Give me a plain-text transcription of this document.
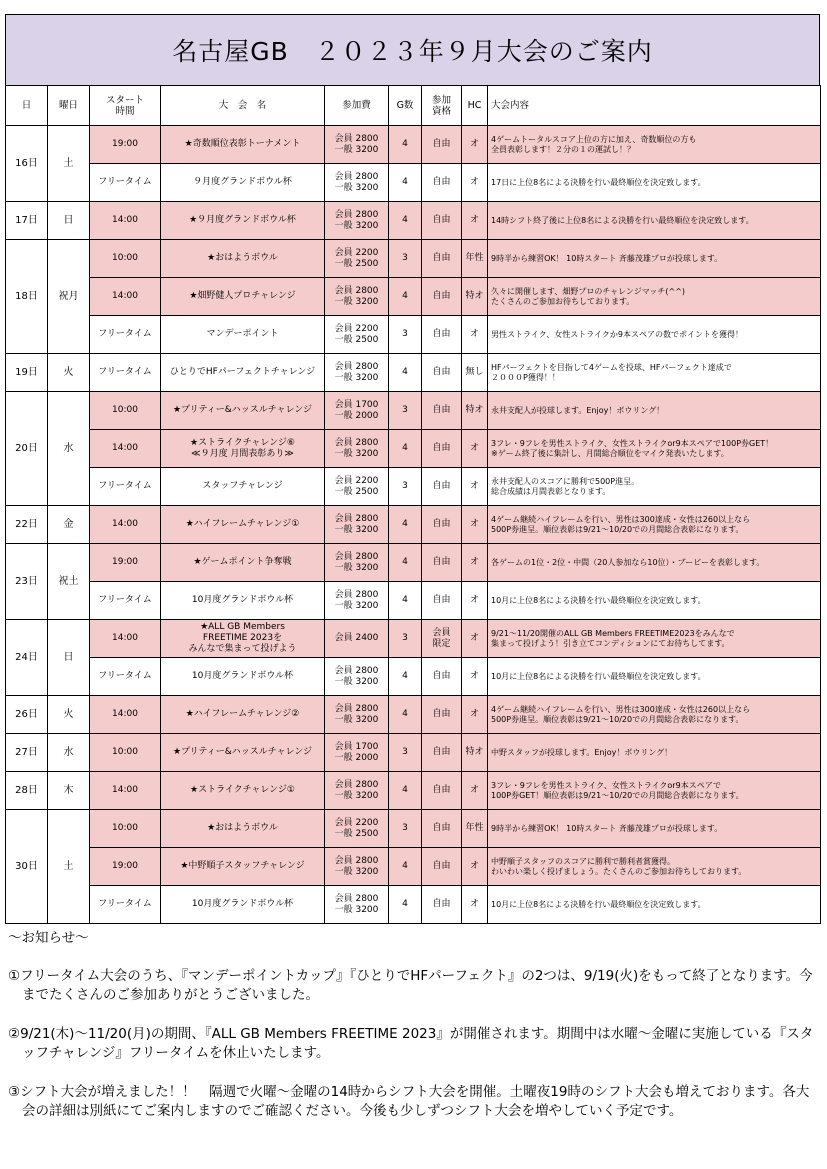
名古屋GB　２０２３年９月大会のご案内
日	曜日	スタート
時間	大　会　名	参加費	G数	参加
資格	HC	大会内容
16日	土	19:00	★奇数順位表彰トーナメント	会員 2800
一般 3200	4	自由	オ	4ゲームトータルスコア上位の方に加え、奇数順位の方も
全員表彰します！２分の１の運試し！？
		フリータイム	９月度グランドボウル杯	会員 2800
一般 3200	4	自由	オ	17日に上位8名による決勝を行い最終順位を決定致します。
17日	日	14:00	★９月度グランドボウル杯	会員 2800
一般 3200	4	自由	オ	14時シフト終了後に上位8名による決勝を行い最終順位を決定致します。
18日	祝月	10:00	★おはようボウル	会員 2200
一般 2500	3	自由	年性	9時半から練習OK！ 10時スタート 斉藤茂雄プロが投球します。
		14:00	★畑野健人プロチャレンジ	会員 2800
一般 3200	4	自由	特オ	久々に開催します、畑野プロのチャレンジマッチ(^^)
たくさんのご参加お待ちしております。
		フリータイム	マンデーポイント	会員 2200
一般 2500	3	自由	オ	男性ストライク、女性ストライクか9本スペアの数でポイントを獲得！
19日	火	フリータイム	ひとりでHFパーフェクトチャレンジ	会員 2800
一般 3200	4	自由	無し	HFパーフェクトを目指して4ゲームを投球、HFパーフェクト達成で
２０００P獲得！！
20日	水	10:00	★プリティー&ハッスルチャレンジ	会員 1700
一般 2000	3	自由	特オ	永井支配人が投球します。Enjoy！ボウリング！
		14:00	★ストライクチャレンジ⑥
≪９月度 月間表彰あり≫	会員 2800
一般 3200	4	自由	オ	3フレ・9フレを男性ストライク、女性ストライクor9本スペアで100P券GET！
※ゲーム終了後に集計し、月間総合順位をマイク発表いたします。
		フリータイム	スタッフチャレンジ	会員 2200
一般 2500	3	自由	オ	永井支配人のスコアに勝利で500P進呈。
総合成績は月間表彰となります。
22日	金	14:00	★ハイフレームチャレンジ①	会員 2800
一般 3200	4	自由	オ	4ゲーム継続ハイフレームを行い、男性は300達成・女性は260以上なら
500P券進呈。順位表彰は9/21～10/20での月間総合表彰になります。
23日	祝土	19:00	★ゲームポイント争奪戦	会員 2800
一般 3200	4	自由	オ	各ゲームの1位・2位・中間（20人参加なら10位）・ブービーを表彰します。
		フリータイム	10月度グランドボウル杯	会員 2800
一般 3200	4	自由	オ	10月に上位8名による決勝を行い最終順位を決定致します。
24日	日	14:00	★ALL GB Members
FREETIME 2023を
みんなで集まって投げよう	会員 2400	3	会員
限定	オ	9/21～11/20開催のALL GB Members FREETIME2023をみんなで
集まって投げよう！引き立てコンディションにてお待ちしてます。
		フリータイム	10月度グランドボウル杯	会員 2800
一般 3200	4	自由	オ	10月に上位8名による決勝を行い最終順位を決定致します。
26日	火	14:00	★ハイフレームチャレンジ②	会員 2800
一般 3200	4	自由	オ	4ゲーム継続ハイフレームを行い、男性は300達成・女性は260以上なら
500P券進呈。順位表彰は9/21～10/20での月間総合表彰になります。
27日	水	10:00	★プリティー&ハッスルチャレンジ	会員 1700
一般 2000	3	自由	特オ	中野スタッフが投球します。Enjoy！ボウリング！
28日	木	14:00	★ストライクチャレンジ①	会員 2800
一般 3200	4	自由	オ	3フレ・9フレを男性ストライク、女性ストライクor9本スペアで
100P券GET！順位表彰は9/21～10/20での月間総合表彰になります。
30日	土	10:00	★おはようボウル	会員 2200
一般 2500	3	自由	年性	9時半から練習OK！ 10時スタート 斉藤茂雄プロが投球します。
		19:00	★中野順子スタッフチャレンジ	会員 2800
一般 3200	4	自由	オ	中野順子スタッフのスコアに勝利で勝利者賞獲得。
わいわい楽しく投げましょう。たくさんのご参加お待ちしております。
		フリータイム	10月度グランドボウル杯	会員 2800
一般 3200	4	自由	オ	10月に上位8名による決勝を行い最終順位を決定致します。
～お知らせ～
①フリータイム大会のうち、『マンデーポイントカップ』『ひとりでHFパーフェクト』の2つは、9/19(火)をもって終了となります。今までたくさんのご参加ありがとうございました。
②9/21(木)～11/20(月)の期間、『ALL GB Members FREETIME 2023』が開催されます。期間中は水曜～金曜に実施している『スタッフチャレンジ』フリータイムを休止いたします。
③シフト大会が増えました！！　隔週で火曜～金曜の14時からシフト大会を開催。土曜夜19時のシフト大会も増えております。各大会の詳細は別紙にてご案内しますのでご確認ください。今後も少しずつシフト大会を増やしていく予定です。
